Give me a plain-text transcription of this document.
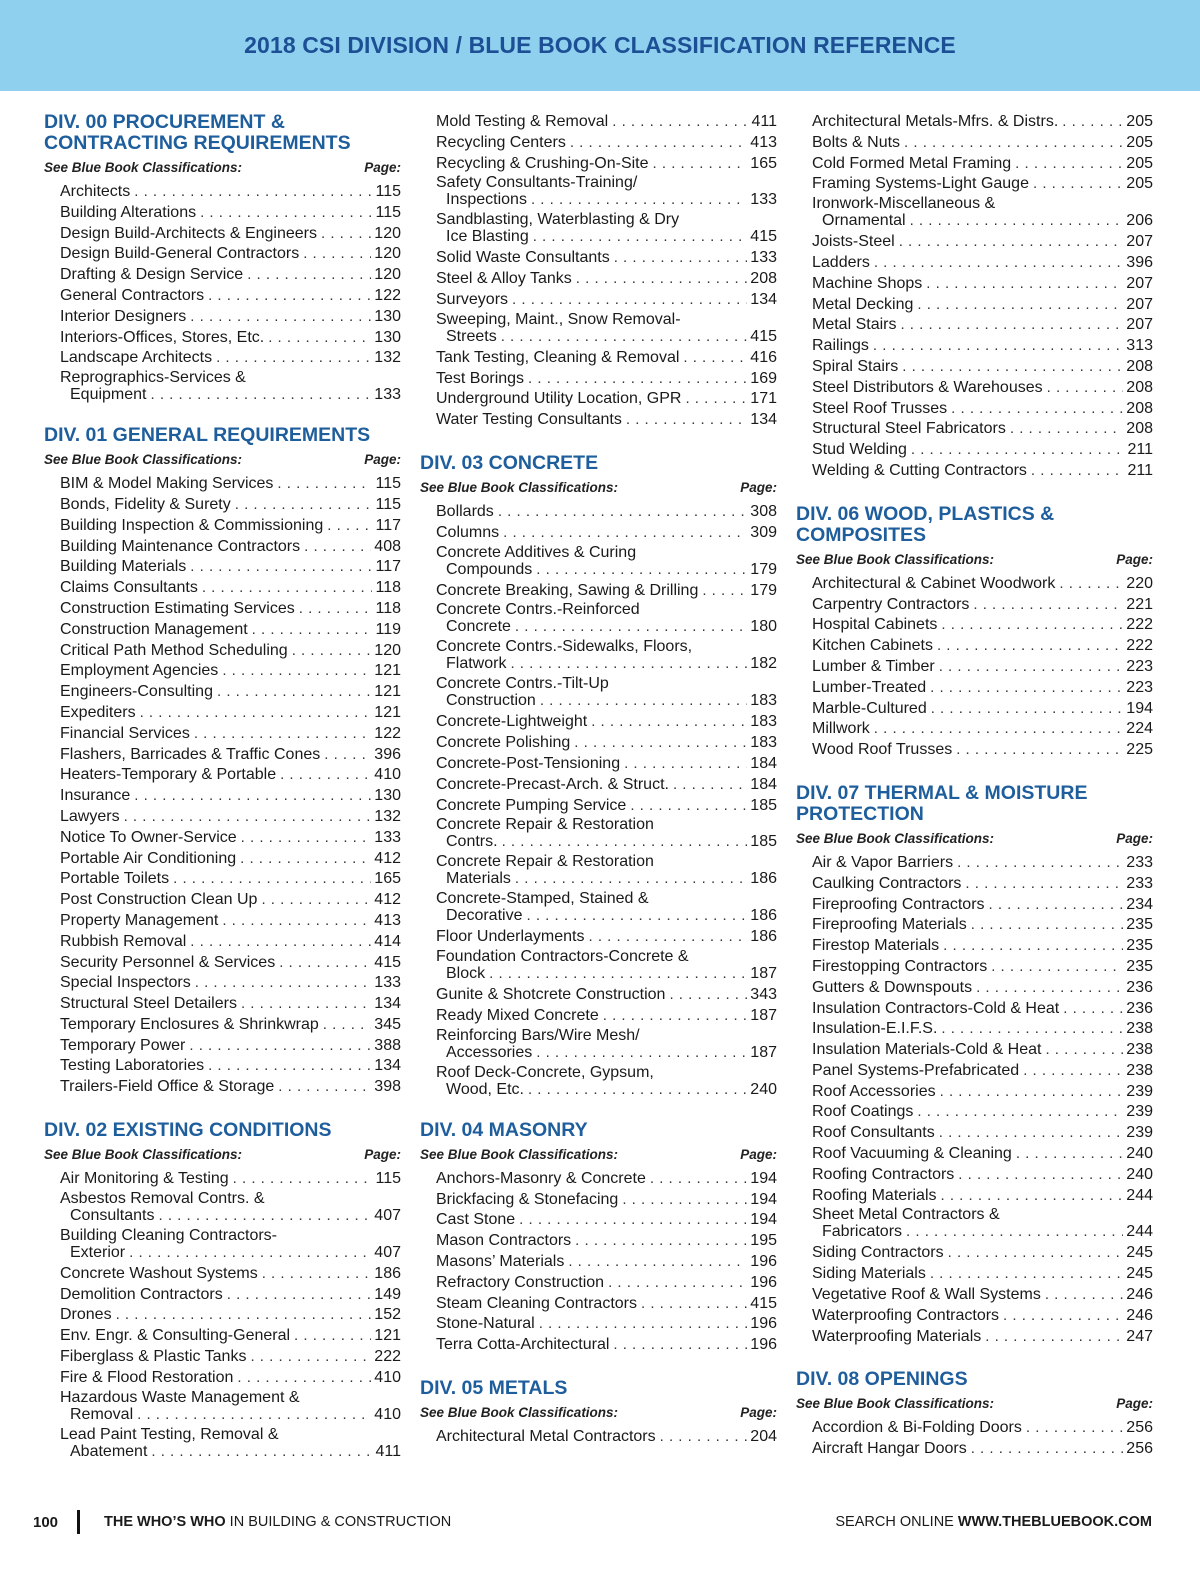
2018 CSI DIVISION / BLUE BOOK CLASSIFICATION REFERENCE
DIV. 00 PROCUREMENT & CONTRACTING REQUIREMENTS
See Blue Book Classifications:	Page:
Architects . . .	115
Building Alterations . . .	115
Design Build-Architects & Engineers . . .	120
Design Build-General Contractors . . .	120
Drafting & Design Service . . .	120
General Contractors . . .	122
Interior Designers . . .	130
Interiors-Offices, Stores, Etc. . . .	130
Landscape Architects . . .	132
Reprographics-Services &
Equipment . . .	133
DIV. 01 GENERAL REQUIREMENTS
See Blue Book Classifications:	Page:
BIM & Model Making Services . . .	115
Bonds, Fidelity & Surety . . .	115
Building Inspection & Commissioning . . .	117
Building Maintenance Contractors . . .	408
Building Materials . . .	117
Claims Consultants . . .	118
Construction Estimating Services . . .	118
Construction Management . . .	119
Critical Path Method Scheduling . . .	120
Employment Agencies . . .	121
Engineers-Consulting . . .	121
Expediters . . .	121
Financial Services . . .	122
Flashers, Barricades & Traffic Cones . . .	396
Heaters-Temporary & Portable . . .	410
Insurance . . .	130
Lawyers . . .	132
Notice To Owner-Service . . .	133
Portable Air Conditioning . . .	412
Portable Toilets . . .	165
Post Construction Clean Up . . .	412
Property Management . . .	413
Rubbish Removal . . .	414
Security Personnel & Services . . .	415
Special Inspectors . . .	133
Structural Steel Detailers . . .	134
Temporary Enclosures & Shrinkwrap . . .	345
Temporary Power . . .	388
Testing Laboratories . . .	134
Trailers-Field Office & Storage . . .	398
DIV. 02 EXISTING CONDITIONS
See Blue Book Classifications:	Page:
Air Monitoring & Testing . . .	115
Asbestos Removal Contrs. &
Consultants . . .	407
Building Cleaning Contractors-
Exterior . . .	407
Concrete Washout Systems . . .	186
Demolition Contractors . . .	149
Drones . . .	152
Env. Engr. & Consulting-General . . .	121
Fiberglass & Plastic Tanks . . .	222
Fire & Flood Restoration . . .	410
Hazardous Waste Management &
Removal . . .	410
Lead Paint Testing, Removal &
Abatement . . .	411
Mold Testing & Removal . . .	411
Recycling Centers . . .	413
Recycling & Crushing-On-Site . . .	165
Safety Consultants-Training/
Inspections . . .	133
Sandblasting, Waterblasting & Dry
Ice Blasting . . .	415
Solid Waste Consultants . . .	133
Steel & Alloy Tanks . . .	208
Surveyors . . .	134
Sweeping, Maint., Snow Removal-
Streets . . .	415
Tank Testing, Cleaning & Removal . . .	416
Test Borings . . .	169
Underground Utility Location, GPR . . .	171
Water Testing Consultants . . .	134
DIV. 03 CONCRETE
See Blue Book Classifications:	Page:
Bollards . . .	308
Columns . . .	309
Concrete Additives & Curing
Compounds . . .	179
Concrete Breaking, Sawing & Drilling . . .	179
Concrete Contrs.-Reinforced
Concrete . . .	180
Concrete Contrs.-Sidewalks, Floors,
Flatwork . . .	182
Concrete Contrs.-Tilt-Up
Construction . . .	183
Concrete-Lightweight . . .	183
Concrete Polishing . . .	183
Concrete-Post-Tensioning . . .	184
Concrete-Precast-Arch. & Struct. . . .	184
Concrete Pumping Service . . .	185
Concrete Repair & Restoration
Contrs. . . .	185
Concrete Repair & Restoration
Materials . . .	186
Concrete-Stamped, Stained &
Decorative . . .	186
Floor Underlayments . . .	186
Foundation Contractors-Concrete &
Block . . .	187
Gunite & Shotcrete Construction . . .	343
Ready Mixed Concrete . . .	187
Reinforcing Bars/Wire Mesh/
Accessories . . .	187
Roof Deck-Concrete, Gypsum,
Wood, Etc. . . .	240
DIV. 04 MASONRY
See Blue Book Classifications:	Page:
Anchors-Masonry & Concrete . . .	194
Brickfacing & Stonefacing . . .	194
Cast Stone . . .	194
Mason Contractors . . .	195
Masons’ Materials . . .	196
Refractory Construction . . .	196
Steam Cleaning Contractors . . .	415
Stone-Natural . . .	196
Terra Cotta-Architectural . . .	196
DIV. 05 METALS
See Blue Book Classifications:	Page:
Architectural Metal Contractors . . .	204
Architectural Metals-Mfrs. & Distrs. . . .	205
Bolts & Nuts . . .	205
Cold Formed Metal Framing . . .	205
Framing Systems-Light Gauge . . .	205
Ironwork-Miscellaneous &
Ornamental . . .	206
Joists-Steel . . .	207
Ladders . . .	396
Machine Shops . . .	207
Metal Decking . . .	207
Metal Stairs . . .	207
Railings . . .	313
Spiral Stairs . . .	208
Steel Distributors & Warehouses . . .	208
Steel Roof Trusses . . .	208
Structural Steel Fabricators . . .	208
Stud Welding . . .	211
Welding & Cutting Contractors . . .	211
DIV. 06 WOOD, PLASTICS & COMPOSITES
See Blue Book Classifications:	Page:
Architectural & Cabinet Woodwork . . .	220
Carpentry Contractors . . .	221
Hospital Cabinets . . .	222
Kitchen Cabinets . . .	222
Lumber & Timber . . .	223
Lumber-Treated . . .	223
Marble-Cultured . . .	194
Millwork . . .	224
Wood Roof Trusses . . .	225
DIV. 07 THERMAL & MOISTURE PROTECTION
See Blue Book Classifications:	Page:
Air & Vapor Barriers . . .	233
Caulking Contractors . . .	233
Fireproofing Contractors . . .	234
Fireproofing Materials . . .	235
Firestop Materials . . .	235
Firestopping Contractors . . .	235
Gutters & Downspouts . . .	236
Insulation Contractors-Cold & Heat . . .	236
Insulation-E.I.F.S. . . .	238
Insulation Materials-Cold & Heat . . .	238
Panel Systems-Prefabricated . . .	238
Roof Accessories . . .	239
Roof Coatings . . .	239
Roof Consultants . . .	239
Roof Vacuuming & Cleaning . . .	240
Roofing Contractors . . .	240
Roofing Materials . . .	244
Sheet Metal Contractors &
Fabricators . . .	244
Siding Contractors . . .	245
Siding Materials . . .	245
Vegetative Roof & Wall Systems . . .	246
Waterproofing Contractors . . .	246
Waterproofing Materials . . .	247
DIV. 08 OPENINGS
See Blue Book Classifications:	Page:
Accordion & Bi-Folding Doors . . .	256
Aircraft Hangar Doors . . .	256
100	THE WHO’S WHO IN BUILDING & CONSTRUCTION	SEARCH ONLINE WWW.THEBLUEBOOK.COM
